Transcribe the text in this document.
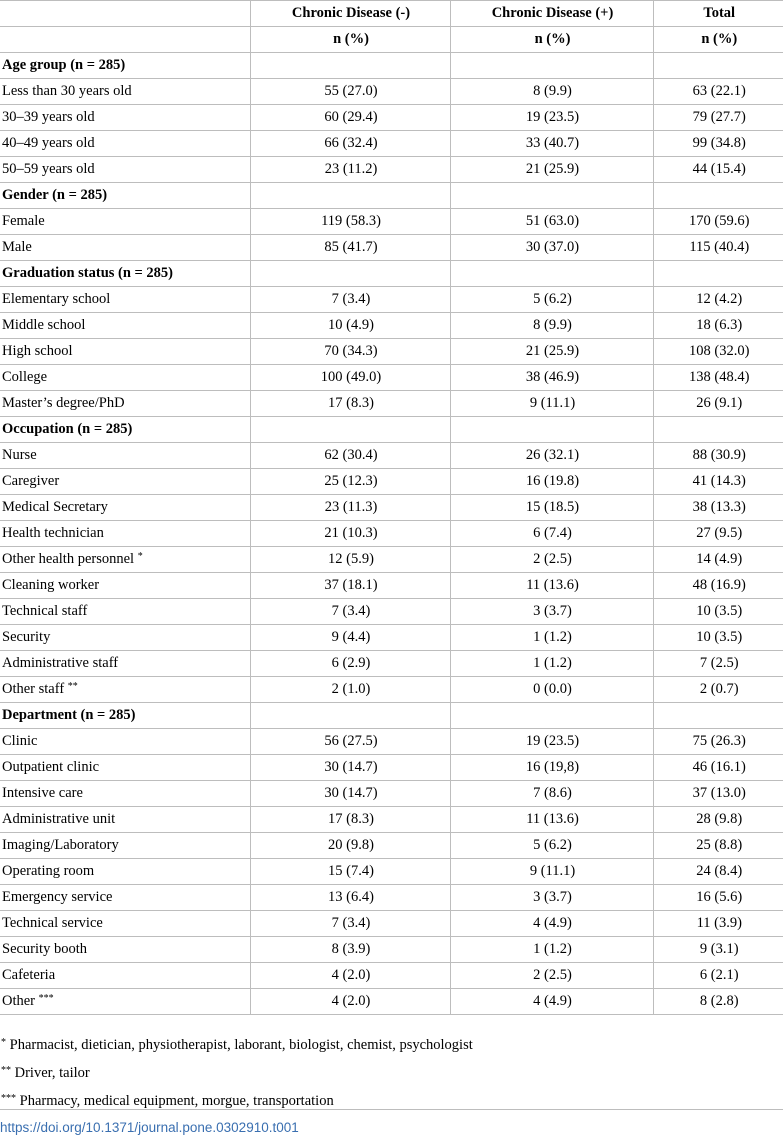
	Chronic Disease (-)	Chronic Disease (+)	Total
	n (%)	n (%)	n (%)
Age group (n = 285)			
Less than 30 years old	55 (27.0)	8 (9.9)	63 (22.1)
30–39 years old	60 (29.4)	19 (23.5)	79 (27.7)
40–49 years old	66 (32.4)	33 (40.7)	99 (34.8)
50–59 years old	23 (11.2)	21 (25.9)	44 (15.4)
Gender (n = 285)			
Female	119 (58.3)	51 (63.0)	170 (59.6)
Male	85 (41.7)	30 (37.0)	115 (40.4)
Graduation status (n = 285)			
Elementary school	7 (3.4)	5 (6.2)	12 (4.2)
Middle school	10 (4.9)	8 (9.9)	18 (6.3)
High school	70 (34.3)	21 (25.9)	108 (32.0)
College	100 (49.0)	38 (46.9)	138 (48.4)
Master’s degree/PhD	17 (8.3)	9 (11.1)	26 (9.1)
Occupation (n = 285)			
Nurse	62 (30.4)	26 (32.1)	88 (30.9)
Caregiver	25 (12.3)	16 (19.8)	41 (14.3)
Medical Secretary	23 (11.3)	15 (18.5)	38 (13.3)
Health technician	21 (10.3)	6 (7.4)	27 (9.5)
Other health personnel *	12 (5.9)	2 (2.5)	14 (4.9)
Cleaning worker	37 (18.1)	11 (13.6)	48 (16.9)
Technical staff	7 (3.4)	3 (3.7)	10 (3.5)
Security	9 (4.4)	1 (1.2)	10 (3.5)
Administrative staff	6 (2.9)	1 (1.2)	7 (2.5)
Other staff **	2 (1.0)	0 (0.0)	2 (0.7)
Department (n = 285)			
Clinic	56 (27.5)	19 (23.5)	75 (26.3)
Outpatient clinic	30 (14.7)	16 (19,8)	46 (16.1)
Intensive care	30 (14.7)	7 (8.6)	37 (13.0)
Administrative unit	17 (8.3)	11 (13.6)	28 (9.8)
Imaging/Laboratory	20 (9.8)	5 (6.2)	25 (8.8)
Operating room	15 (7.4)	9 (11.1)	24 (8.4)
Emergency service	13 (6.4)	3 (3.7)	16 (5.6)
Technical service	7 (3.4)	4 (4.9)	11 (3.9)
Security booth	8 (3.9)	1 (1.2)	9 (3.1)
Cafeteria	4 (2.0)	2 (2.5)	6 (2.1)
Other ***	4 (2.0)	4 (4.9)	8 (2.8)

* Pharmacist, dietician, physiotherapist, laborant, biologist, chemist, psychologist

** Driver, tailor

*** Pharmacy, medical equipment, morgue, transportation

https://doi.org/10.1371/journal.pone.0302910.t001
